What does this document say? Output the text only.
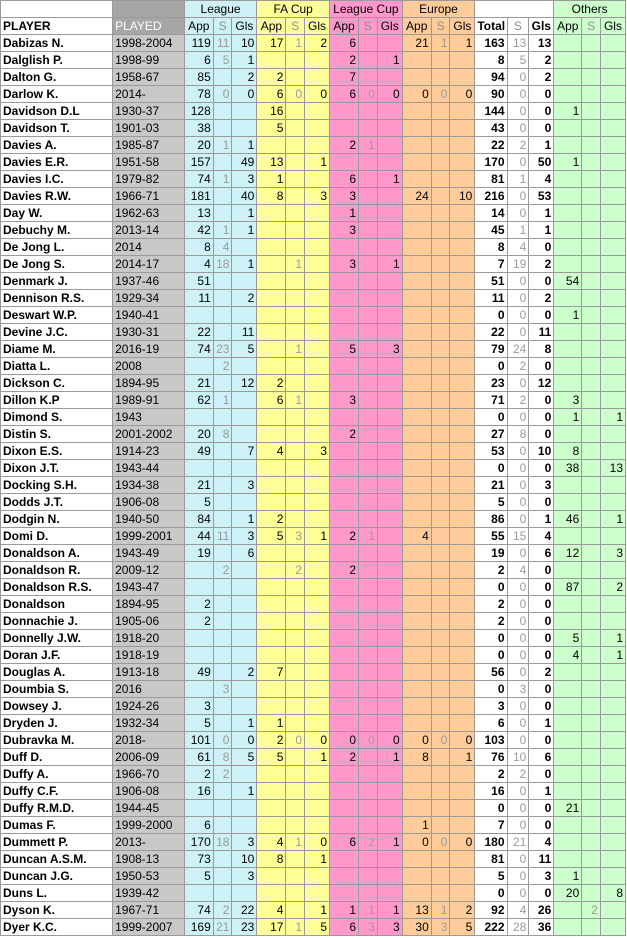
		League			FA Cup			League Cup			Europe						Others		
PLAYER	PLAYED	App	S	Gls	App	S	Gls	App	S	Gls	App	S	Gls	Total	S	Gls	App	S	Gls
Dabizas N.	1998-2004	119	11	10	17	1	2	6			21	1	1	163	13	13			
Dalglish P.	1998-99	6	5	1				2		1				8	5	2			
Dalton G.	1958-67	85		2	2			7						94	0	2			
Darlow K.	2014-	78	0	0	6	0	0	6	0	0	0	0	0	90	0	0			
Davidson D.L	1930-37	128			16									144	0	0	1		
Davidson T.	1901-03	38			5									43	0	0			
Davies A.	1985-87	20	1	1				2	1					22	2	1			
Davies E.R.	1951-58	157		49	13		1							170	0	50	1		
Davies I.C.	1979-82	74	1	3	1			6		1				81	1	4			
Davies R.W.	1966-71	181		40	8		3	3			24		10	216	0	53			
Day W.	1962-63	13		1				1						14	0	1			
Debuchy M.	2013-14	42	1	1				3						45	1	1			
De Jong L.	2014	8	4											8	4	0			
De Jong S.	2014-17	4	18	1		1		3		1				7	19	2			
Denmark J.	1937-46	51												51	0	0	54		
Dennison R.S.	1929-34	11		2										11	0	2			
Deswart W.P.	1940-41													0	0	0	1		
Devine J.C.	1930-31	22		11										22	0	11			
Diame M.	2016-19	74	23	5		1		5		3				79	24	8			
Diatta L.	2008		2											0	2	0			
Dickson C.	1894-95	21		12	2									23	0	12			
Dillon K.P	1989-91	62	1		6	1		3						71	2	0	3		
Dimond S.	1943													0	0	0	1		1
Distin S.	2001-2002	20	8					2						27	8	0			
Dixon E.S.	1914-23	49		7	4		3							53	0	10	8		
Dixon J.T.	1943-44													0	0	0	38		13
Docking S.H.	1934-38	21		3										21	0	3			
Dodds J.T.	1906-08	5												5	0	0			
Dodgin N.	1940-50	84		1	2									86	0	1	46		1
Domi D.	1999-2001	44	11	3	5	3	1	2	1		4			55	15	4			
Donaldson A.	1943-49	19		6										19	0	6	12		3
Donaldson R.	2009-12		2			2		2						2	4	0			
Donaldson R.S.	1943-47													0	0	0	87		2
Donaldson	1894-95	2												2	0	0			
Donnachie J.	1905-06	2												2	0	0			
Donnelly J.W.	1918-20													0	0	0	5		1
Doran J.F.	1918-19													0	0	0	4		1
Douglas A.	1913-18	49		2	7									56	0	2			
Doumbia S.	2016		3											0	3	0			
Dowsey J.	1924-26	3												3	0	0			
Dryden J.	1932-34	5		1	1									6	0	1			
Dubravka M.	2018-	101	0	0	2	0	0	0	0	0	0	0	0	103	0	0			
Duff D.	2006-09	61	8	5	5		1	2		1	8		1	76	10	6			
Duffy A.	1966-70	2	2											2	2	0			
Duffy C.F.	1906-08	16		1										16	0	1			
Duffy R.M.D.	1944-45													0	0	0	21		
Dumas F.	1999-2000	6									1			7	0	0			
Dummett P.	2013-	170	18	3	4	1	0	6	2	1	0	0	0	180	21	4			
Duncan A.S.M.	1908-13	73		10	8		1							81	0	11			
Duncan J.G.	1950-53	5		3										5	0	3	1		
Duns L.	1939-42													0	0	0	20		8
Dyson K.	1967-71	74	2	22	4		1	1	1	1	13	1	2	92	4	26		2	
Dyer K.C.	1999-2007	169	21	23	17	1	5	6	3	3	30	3	5	222	28	36			
